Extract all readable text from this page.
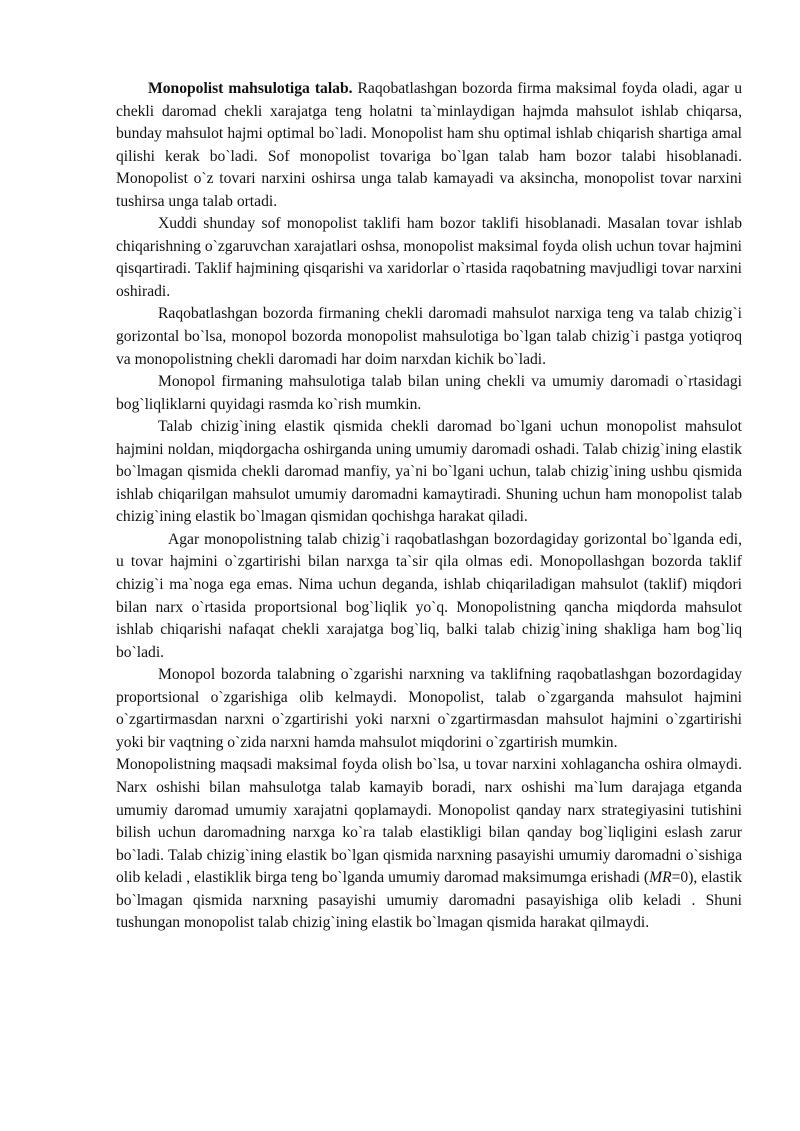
Monopolist mahsulotiga talab. Raqobatlashgan bozorda firma maksimal foyda oladi, agar u chekli daromad chekli xarajatga teng holatni ta`minlaydigan hajmda mahsulot ishlab chiqarsa, bunday mahsulot hajmi optimal bo`ladi. Monopolist ham shu optimal ishlab chiqarish shartiga amal qilishi kerak bo`ladi. Sof monopolist tovariga bo`lgan talab ham bozor talabi hisoblanadi. Monopolist o`z tovari narxini oshirsa unga talab kamayadi va aksincha, monopolist tovar narxini tushirsa unga talab ortadi.

Xuddi shunday sof monopolist taklifi ham bozor taklifi hisoblanadi. Masalan tovar ishlab chiqarishning o`zgaruvchan xarajatlari oshsa, monopolist maksimal foyda olish uchun tovar hajmini qisqartiradi. Taklif hajmining qisqarishi va xaridorlar o`rtasida raqobatning mavjudligi tovar narxini oshiradi.

Raqobatlashgan bozorda firmaning chekli daromadi mahsulot narxiga teng va talab chizig`i gorizontal bo`lsa, monopol bozorda monopolist mahsulotiga bo`lgan talab chizig`i pastga yotiqroq va monopolistning chekli daromadi har doim narxdan kichik bo`ladi.

Monopol firmaning mahsulotiga talab bilan uning chekli va umumiy daromadi o`rtasidagi bog`liqliklarni quyidagi rasmda ko`rish mumkin.

Talab chizig`ining elastik qismida chekli daromad bo`lgani uchun monopolist mahsulot hajmini noldan, miqdorgacha oshirganda uning umumiy daromadi oshadi. Talab chizig`ining elastik bo`lmagan qismida chekli daromad manfiy, ya`ni bo`lgani uchun, talab chizig`ining ushbu qismida ishlab chiqarilgan mahsulot umumiy daromadni kamaytiradi. Shuning uchun ham monopolist talab chizig`ining elastik bo`lmagan qismidan qochishga harakat qiladi.

Agar monopolistning talab chizig`i raqobatlashgan bozordagiday gorizontal bo`lganda edi, u tovar hajmini o`zgartirishi bilan narxga ta`sir qila olmas edi. Monopollashgan bozorda taklif chizig`i ma`noga ega emas. Nima uchun deganda, ishlab chiqariladigan mahsulot (taklif) miqdori bilan narx o`rtasida proportsional bog`liqlik yo`q. Monopolistning qancha miqdorda mahsulot ishlab chiqarishi nafaqat chekli xarajatga bog`liq, balki talab chizig`ining shakliga ham bog`liq bo`ladi.

Monopol bozorda talabning o`zgarishi narxning va taklifning raqobatlashgan bozordagiday proportsional o`zgarishiga olib kelmaydi. Monopolist, talab o`zgarganda mahsulot hajmini o`zgartirmasdan narxni o`zgartirishi yoki narxni o`zgartirmasdan mahsulot hajmini o`zgartirishi yoki bir vaqtning o`zida narxni hamda mahsulot miqdorini o`zgartirish mumkin.

Monopolistning maqsadi maksimal foyda olish bo`lsa, u tovar narxini xohlagancha oshira olmaydi. Narx oshishi bilan mahsulotga talab kamayib boradi, narx oshishi ma`lum darajaga etganda umumiy daromad umumiy xarajatni qoplamaydi. Monopolist qanday narx strategiyasini tutishini bilish uchun daromadning narxga ko`ra talab elastikligi bilan qanday bog`liqligini eslash zarur bo`ladi. Talab chizig`ining elastik bo`lgan qismida narxning pasayishi umumiy daromadni o`sishiga olib keladi , elastiklik birga teng bo`lganda umumiy daromad maksimumga erishadi (MR=0), elastik bo`lmagan qismida narxning pasayishi umumiy daromadni pasayishiga olib keladi . Shuni tushungan monopolist talab chizig`ining elastik bo`lmagan qismida harakat qilmaydi.
